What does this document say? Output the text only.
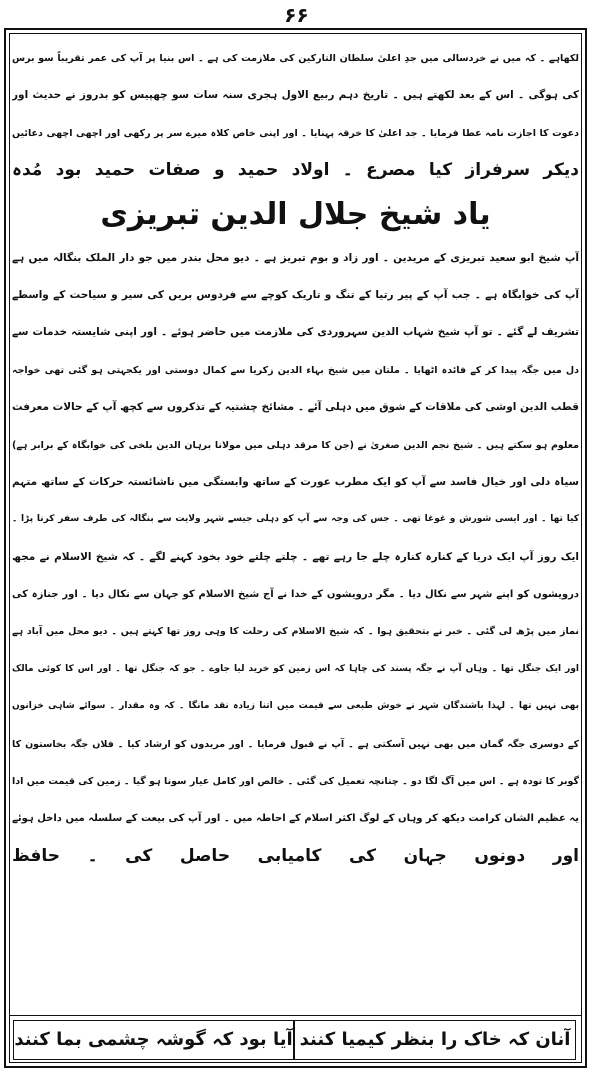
۶۶
لکھاہے ۔ کہ میں نے خردسالی میں جدِ اعلیٰ سلطان التارکین کی ملازمت کی ہے ۔ اس بنیا پر آپ کی عمر تقریباً سو برس
کی ہوگی ۔ اس کے بعد لکھتے ہیں ۔ تاریخ دہم ربیع الاول ہجری سنہ سات سو چھپیس کو بدروز نے حدیث اور
دعوت کا اجازت نامہ عطا فرمایا ۔ جد اعلیٰ کا خرقہ پہنایا ۔ اور اپنی خاص کلاہ میرے سر پر رکھی اور اچھی اچھی دعائیں
دیکر سرفراز کیا مصرع ۔ اولاد حمید و صفات حمید بود مُدہ
یاد شیخ جلال الدین تبریزی
آپ شیخ ابو سعید تبریزی کے مریدین ۔ اور زاد و بوم تبریز ہے ۔ دیو محل بندر میں جو دار الملک بنگالہ میں ہے
آپ کی خوابگاہ ہے ۔ جب آپ کے پیر رتیا کے تنگ و تاریک کوچے سے فردوس بریں کی سیر و سیاحت کے واسطے
تشریف لے گئے ۔ تو آپ شیخ شہاب الدین سہروردی کی ملازمت میں حاضر ہوئے ۔ اور اپنی شایستہ خدمات سے
دل میں جگہ پیدا کر کے فائدہ اٹھایا ۔ ملتان میں شیخ بہاء الدین زکریا سے کمال دوستی اور یکجہتی ہو گئی تھی خواجہ
قطب الدین اوشی کی ملاقات کے شوق میں دہلی آئے ۔ مشائخ چشتیہ کے تذکروں سے کچھ آپ کے حالات معرفت
معلوم ہو سکتے ہیں ۔ شیخ نجم الدین صغریٰ نے (جن کا مرقد دہلی میں مولانا برہان الدین بلخی کی خوابگاہ کے برابر ہے)
سیاہ دلی اور خیال فاسد سے آپ کو ایک مطرب عورت کے ساتھ وابستگی میں ناشائستہ حرکات کے ساتھ متہم
کیا تھا ۔ اور ایسی شورش و غوغا تھی ۔ جس کی وجہ سے آپ کو دہلی جیسے شہر ولایت سے بنگالہ کی طرف سفر کرنا پڑا ۔
ایک روز آپ ایک دریا کے کنارہ کنارہ چلے جا رہے تھے ۔ چلتے چلتے خود بخود کہنے لگے ۔ کہ شیخ الاسلام نے مجھ
درویشوں کو اپنے شہر سے نکال دیا ۔ مگر درویشوں کے خدا نے آج شیخ الاسلام کو جہان سے نکال دیا ۔ اور جنازہ کی
نماز میں پڑھ لی گئی ۔ خبر نے بتحقیق ہوا ۔ کہ شیخ الاسلام کی رحلت کا وہی روز تھا کہتے ہیں ۔ دیو محل میں آباد ہے
اور ایک جنگل تھا ۔ وہاں آپ نے جگہ پسند کی چاہا کہ اس زمین کو خرید لیا جاوے ۔ جو کہ جنگل تھا ۔ اور اس کا کوئی مالک
بھی نہیں تھا ۔ لہذا باشندگان شہر نے خوش طبعی سے قیمت میں اتنا زیادہ نقد مانگا ۔ کہ وہ مقدار ۔ سوائے شاہی خزانوں
کے دوسری جگہ گمان میں بھی نہیں آسکتی ہے ۔ آپ نے قبول فرمایا ۔ اور مریدوں کو ارشاد کیا ۔ فلاں جگہ بخاستون کا
گوبر کا تودہ ہے ۔ اس میں آگ لگا دو ۔ چنانچہ تعمیل کی گئی ۔ خالص اور کامل عیار سونا ہو گیا ۔ زمین کی قیمت میں ادا
یہ عظیم الشان کرامت دیکھ کر وہاں کے لوگ اکثر اسلام کے احاطہ میں ۔ اور آپ کی بیعت کے سلسلہ میں داخل ہوئے
اور دونوں جہان کی کامیابی حاصل کی ۔ حافظ
آنان کہ خاک را بنظر کیمیا کنند
آیا بود کہ گوشہ چشمی بما کنند
